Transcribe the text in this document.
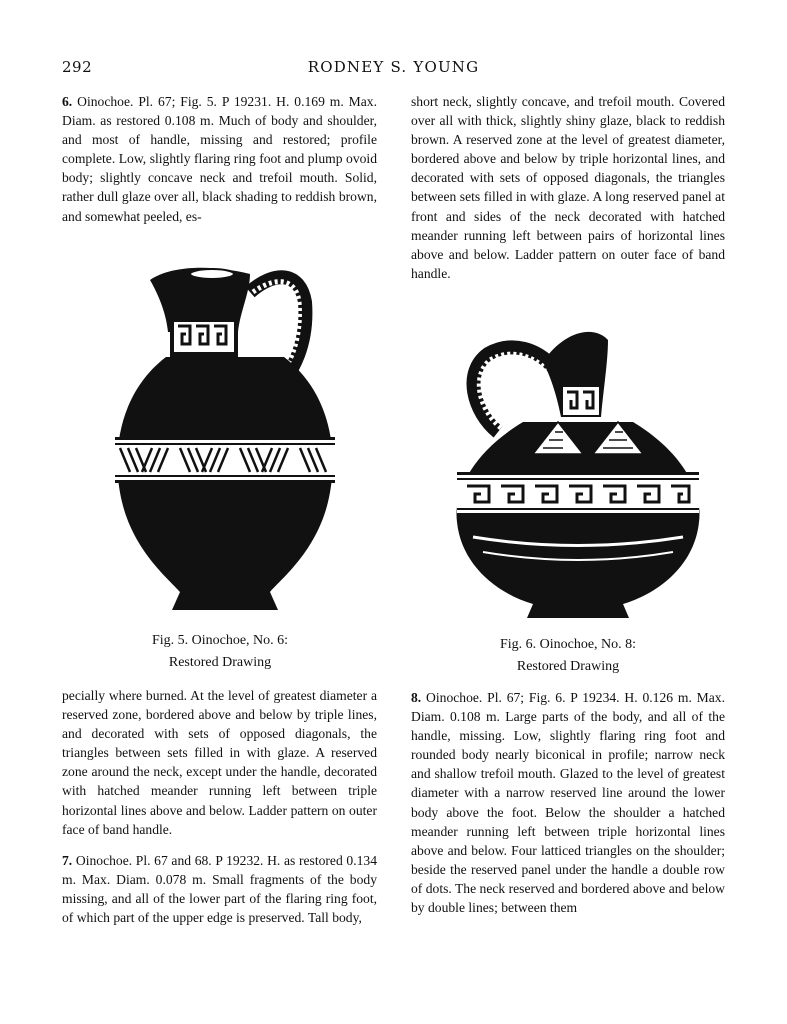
292	RODNEY S. YOUNG

6. Oinochoe. Pl. 67; Fig. 5. P 19231. H. 0.169 m. Max. Diam. as restored 0.108 m. Much of body and shoulder, and most of handle, missing and restored; profile complete. Low, slightly flaring ring foot and plump ovoid body; slightly concave neck and trefoil mouth. Solid, rather dull glaze over all, black shading to reddish brown, and somewhat peeled, es-

short neck, slightly concave, and trefoil mouth. Covered over all with thick, slightly shiny glaze, black to reddish brown. A reserved zone at the level of greatest diameter, bordered above and below by triple horizontal lines, and decorated with sets of opposed diagonals, the triangles between sets filled in with glaze. A long reserved panel at front and sides of the neck decorated with hatched meander running left between pairs of horizontal lines above and below. Ladder pattern on outer face of band handle.

Fig. 5. Oinochoe, No. 6:
Restored Drawing
Fig. 6. Oinochoe, No. 8:
Restored Drawing

pecially where burned. At the level of greatest diameter a reserved zone, bordered above and below by triple lines, and decorated with sets of opposed diagonals, the triangles between sets filled in with glaze. A reserved zone around the neck, except under the handle, decorated with hatched meander running left between triple horizontal lines above and below. Ladder pattern on outer face of band handle.

7. Oinochoe. Pl. 67 and 68. P 19232. H. as restored 0.134 m. Max. Diam. 0.078 m. Small fragments of the body missing, and all of the lower part of the flaring ring foot, of which part of the upper edge is preserved. Tall body,

8. Oinochoe. Pl. 67; Fig. 6. P 19234. H. 0.126 m. Max. Diam. 0.108 m. Large parts of the body, and all of the handle, missing. Low, slightly flaring ring foot and rounded body nearly biconical in profile; narrow neck and shallow trefoil mouth. Glazed to the level of greatest diameter with a narrow reserved line around the lower body above the foot. Below the shoulder a hatched meander running left between triple horizontal lines above and below. Four latticed triangles on the shoulder; beside the reserved panel under the handle a double row of dots. The neck reserved and bordered above and below by double lines; between them
